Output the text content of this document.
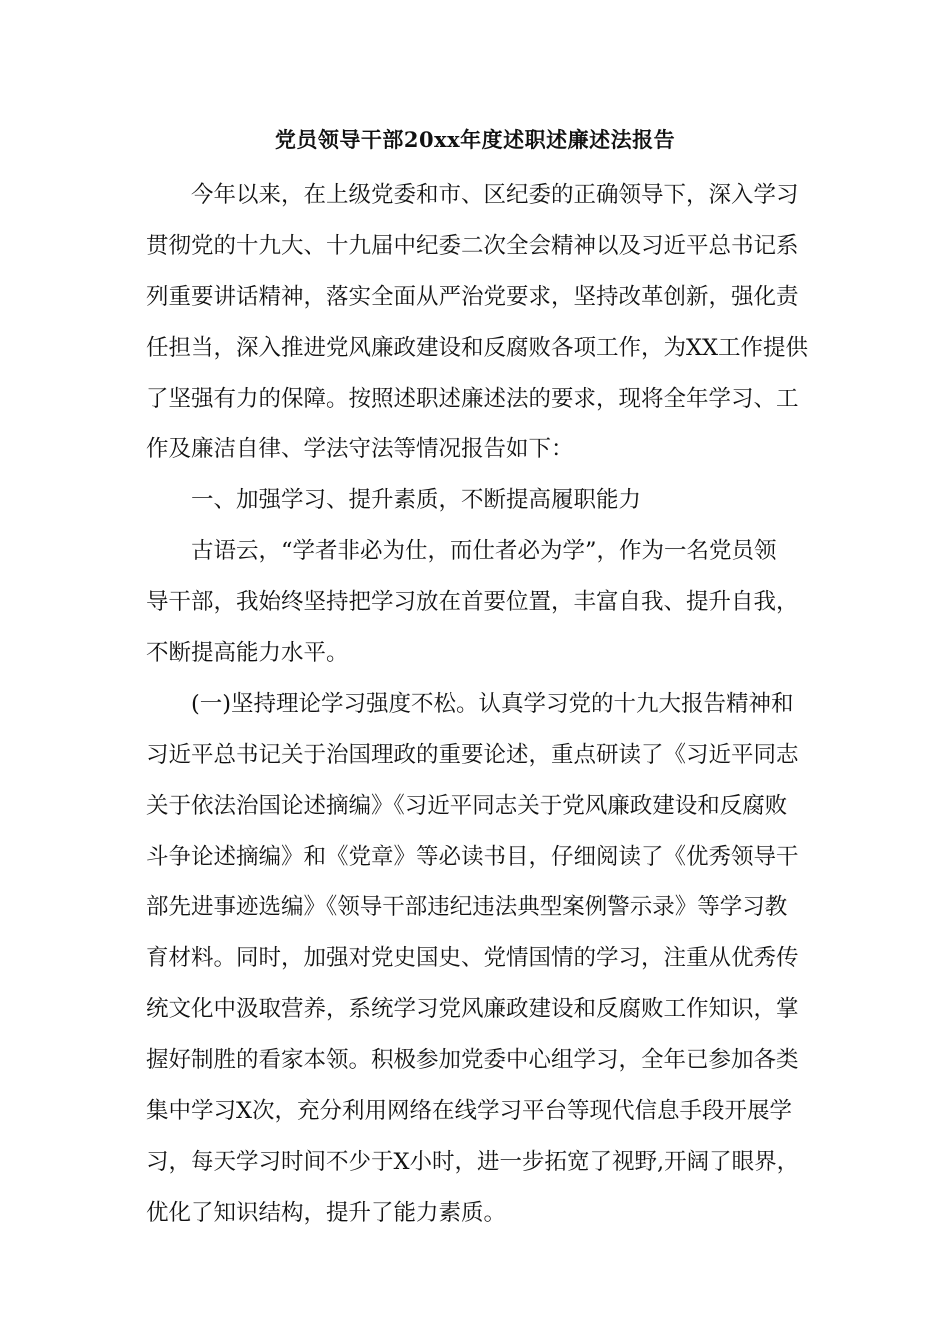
党员领导干部20xx年度述职述廉述法报告
今年以来，在上级党委和市、区纪委的正确领导下，深入学习
贯彻党的十九大、十九届中纪委二次全会精神以及习近平总书记系
列重要讲话精神，落实全面从严治党要求，坚持改革创新，强化责
任担当，深入推进党风廉政建设和反腐败各项工作，为XX工作提供
了坚强有力的保障。按照述职述廉述法的要求，现将全年学习、工
作及廉洁自律、学法守法等情况报告如下：
一、加强学习、提升素质，不断提高履职能力
古语云，“学者非必为仕，而仕者必为学”，作为一名党员领
导干部，我始终坚持把学习放在首要位置，丰富自我、提升自我，
不断提高能力水平。
(一)坚持理论学习强度不松。认真学习党的十九大报告精神和
习近平总书记关于治国理政的重要论述，重点研读了《习近平同志
关于依法治国论述摘编》《习近平同志关于党风廉政建设和反腐败
斗争论述摘编》和《党章》等必读书目，仔细阅读了《优秀领导干
部先进事迹选编》《领导干部违纪违法典型案例警示录》等学习教
育材料。同时，加强对党史国史、党情国情的学习，注重从优秀传
统文化中汲取营养，系统学习党风廉政建设和反腐败工作知识，掌
握好制胜的看家本领。积极参加党委中心组学习，全年已参加各类
集中学习X次，充分利用网络在线学习平台等现代信息手段开展学
习，每天学习时间不少于X小时，进一步拓宽了视野,开阔了眼界，
优化了知识结构，提升了能力素质。
